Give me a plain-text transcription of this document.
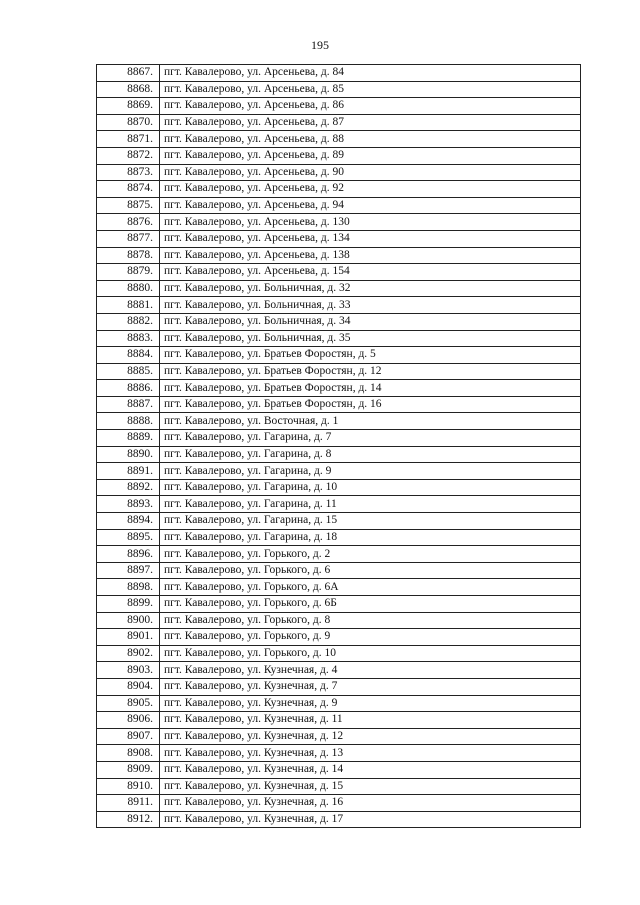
195
8867.	пгт. Кавалерово, ул. Арсеньева, д. 84
8868.	пгт. Кавалерово, ул. Арсеньева, д. 85
8869.	пгт. Кавалерово, ул. Арсеньева, д. 86
8870.	пгт. Кавалерово, ул. Арсеньева, д. 87
8871.	пгт. Кавалерово, ул. Арсеньева, д. 88
8872.	пгт. Кавалерово, ул. Арсеньева, д. 89
8873.	пгт. Кавалерово, ул. Арсеньева, д. 90
8874.	пгт. Кавалерово, ул. Арсеньева, д. 92
8875.	пгт. Кавалерово, ул. Арсеньева, д. 94
8876.	пгт. Кавалерово, ул. Арсеньева, д. 130
8877.	пгт. Кавалерово, ул. Арсеньева, д. 134
8878.	пгт. Кавалерово, ул. Арсеньева, д. 138
8879.	пгт. Кавалерово, ул. Арсеньева, д. 154
8880.	пгт. Кавалерово, ул. Больничная, д. 32
8881.	пгт. Кавалерово, ул. Больничная, д. 33
8882.	пгт. Кавалерово, ул. Больничная, д. 34
8883.	пгт. Кавалерово, ул. Больничная, д. 35
8884.	пгт. Кавалерово, ул. Братьев Форостян, д. 5
8885.	пгт. Кавалерово, ул. Братьев Форостян, д. 12
8886.	пгт. Кавалерово, ул. Братьев Форостян, д. 14
8887.	пгт. Кавалерово, ул. Братьев Форостян, д. 16
8888.	пгт. Кавалерово, ул. Восточная, д. 1
8889.	пгт. Кавалерово, ул. Гагарина, д. 7
8890.	пгт. Кавалерово, ул. Гагарина, д. 8
8891.	пгт. Кавалерово, ул. Гагарина, д. 9
8892.	пгт. Кавалерово, ул. Гагарина, д. 10
8893.	пгт. Кавалерово, ул. Гагарина, д. 11
8894.	пгт. Кавалерово, ул. Гагарина, д. 15
8895.	пгт. Кавалерово, ул. Гагарина, д. 18
8896.	пгт. Кавалерово, ул. Горького, д. 2
8897.	пгт. Кавалерово, ул. Горького, д. 6
8898.	пгт. Кавалерово, ул. Горького, д. 6А
8899.	пгт. Кавалерово, ул. Горького, д. 6Б
8900.	пгт. Кавалерово, ул. Горького, д. 8
8901.	пгт. Кавалерово, ул. Горького, д. 9
8902.	пгт. Кавалерово, ул. Горького, д. 10
8903.	пгт. Кавалерово, ул. Кузнечная, д. 4
8904.	пгт. Кавалерово, ул. Кузнечная, д. 7
8905.	пгт. Кавалерово, ул. Кузнечная, д. 9
8906.	пгт. Кавалерово, ул. Кузнечная, д. 11
8907.	пгт. Кавалерово, ул. Кузнечная, д. 12
8908.	пгт. Кавалерово, ул. Кузнечная, д. 13
8909.	пгт. Кавалерово, ул. Кузнечная, д. 14
8910.	пгт. Кавалерово, ул. Кузнечная, д. 15
8911.	пгт. Кавалерово, ул. Кузнечная, д. 16
8912.	пгт. Кавалерово, ул. Кузнечная, д. 17
